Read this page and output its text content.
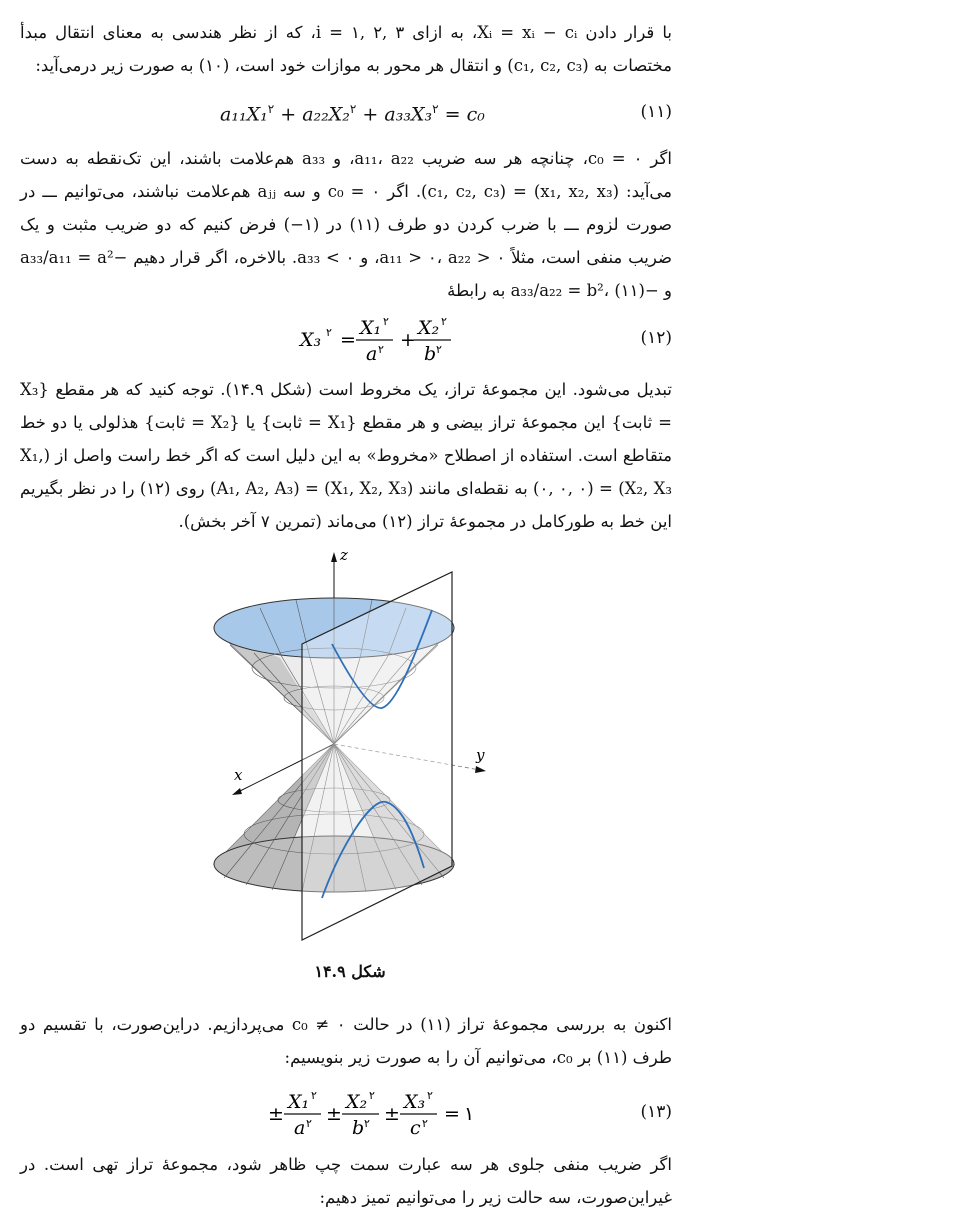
با قرار دادن Xᵢ = xᵢ − cᵢ، به ازای i = ۱, ۲, ۳، که از نظر هندسی به معنای انتقال مبدأ مختصات به (c₁, c₂, c₃) و انتقال هر محور به موازات خود است، (۱۰) به صورت زیر درمی‌آید:

a₁₁X₁$^۲$ + a₂₂X₂$^۲$ + a₃₃X₃$^۲$ = c₀	(۱۱)

اگر c₀ = ۰، چنانچه هر سه ضریب a₁₁، a₂₂، و a₃₃ هم‌علامت باشند، این تک‌نقطه به دست می‌آید: (x₁, x₂, x₃) = (c₁, c₂, c₃). اگر c₀ = ۰ و سه aⱼⱼ هم‌علامت نباشند، می‌توانیم ـــ در صورت لزوم ـــ با ضرب کردن دو طرف (۱۱) در (۱−) فرض کنیم که دو ضریب مثبت و یک ضریب منفی است، مثلاً a₁₁ > ۰، a₂₂ > ۰، و a₃₃ < ۰. بالاخره، اگر قرار دهیم −a₃₃/a₁₁ = a² و −a₃₃/a₂₂ = b²، (۱۱) به رابطهٔ

X₃ ۲ =
X₁ ۲
a ۲ +
X₂ ۲
b ۲
(۱۲)

تبدیل می‌شود. این مجموعهٔ تراز، یک مخروط است (شکل ۱۴.۹). توجه کنید که هر مقطع {X₃ = ثابت} این مجموعهٔ تراز بیضی و هر مقطع {X₁ = ثابت} یا {X₂ = ثابت} هذلولی یا دو خط متقاطع است. استفاده از اصطلاح «مخروط» به این دلیل است که اگر خط راست واصل از (X₁, X₂, X₃) = (۰, ۰, ۰) به نقطه‌ای مانند (X₁, X₂, X₃) = (A₁, A₂, A₃) روی (۱۲) را در نظر بگیریم این خط به طورکامل در مجموعهٔ تراز (۱۲) می‌ماند (تمرین ۷ آخر بخش).

z
x
y
شکل ۱۴.۹

اکنون به بررسی مجموعهٔ تراز (۱۱) در حالت c₀ ≠ ۰ می‌پردازیم. دراین‌صورت، با تقسیم دو طرف (۱۱) بر c₀، می‌توانیم آن را به صورت زیر بنویسیم:

±
X₁ ۲
a ۲ ±
X₂ ۲
b ۲ ±
X₃ ۲
c ۲ = ۱	(۱۳)

اگر ضریب منفی جلوی هر سه عبارت سمت چپ ظاهر شود، مجموعهٔ تراز تهی است. در غیراین‌صورت، سه حالت زیر را می‌توانیم تمیز دهیم:
